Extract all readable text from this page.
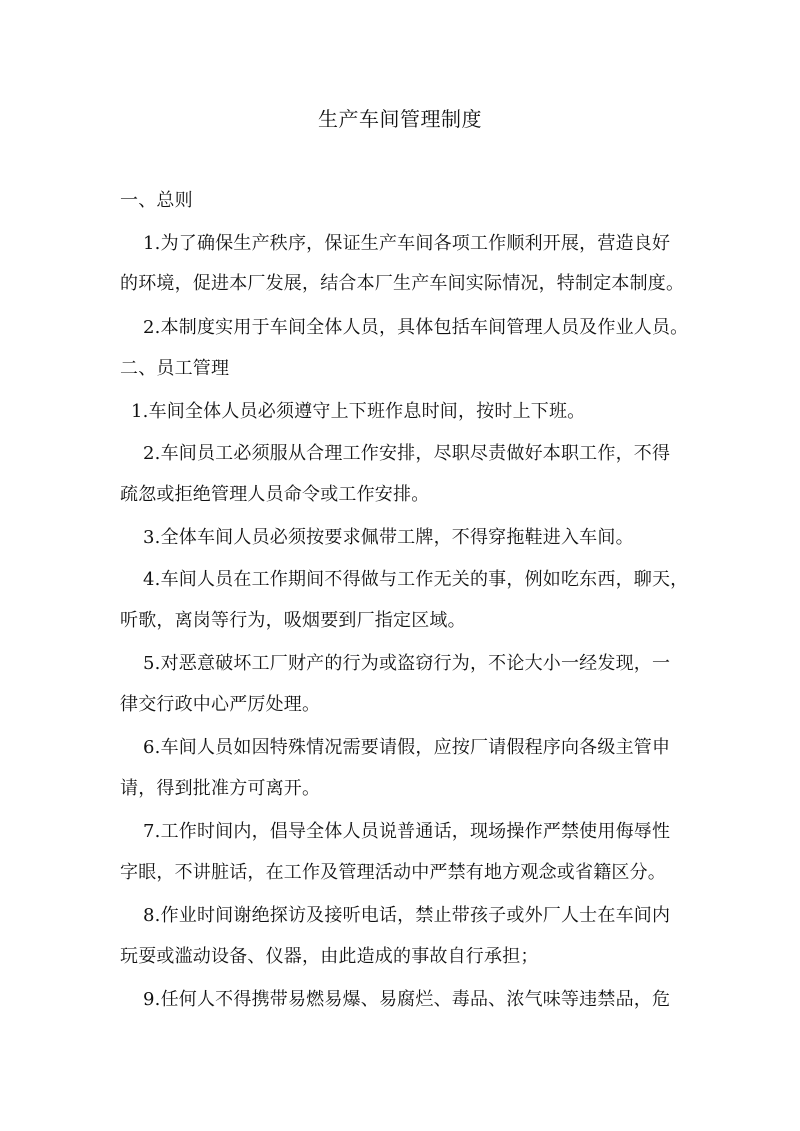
生产车间管理制度
一、总则
1.为了确保生产秩序，保证生产车间各项工作顺利开展，营造良好
的环境，促进本厂发展，结合本厂生产车间实际情况，特制定本制度。
2.本制度实用于车间全体人员，具体包括车间管理人员及作业人员。
二、员工管理
1.车间全体人员必须遵守上下班作息时间，按时上下班。
2.车间员工必须服从合理工作安排，尽职尽责做好本职工作，不得
疏忽或拒绝管理人员命令或工作安排。
3.全体车间人员必须按要求佩带工牌，不得穿拖鞋进入车间。
4.车间人员在工作期间不得做与工作无关的事，例如吃东西，聊天，
听歌，离岗等行为，吸烟要到厂指定区域。
5.对恶意破坏工厂财产的行为或盗窃行为，不论大小一经发现，一
律交行政中心严厉处理。
6.车间人员如因特殊情况需要请假，应按厂请假程序向各级主管申
请，得到批准方可离开。
7.工作时间内，倡导全体人员说普通话，现场操作严禁使用侮辱性
字眼，不讲脏话，在工作及管理活动中严禁有地方观念或省籍区分。
8.作业时间谢绝探访及接听电话，禁止带孩子或外厂人士在车间内
玩耍或滥动设备、仪器，由此造成的事故自行承担；
9.任何人不得携带易燃易爆、易腐烂、毒品、浓气味等违禁品，危
